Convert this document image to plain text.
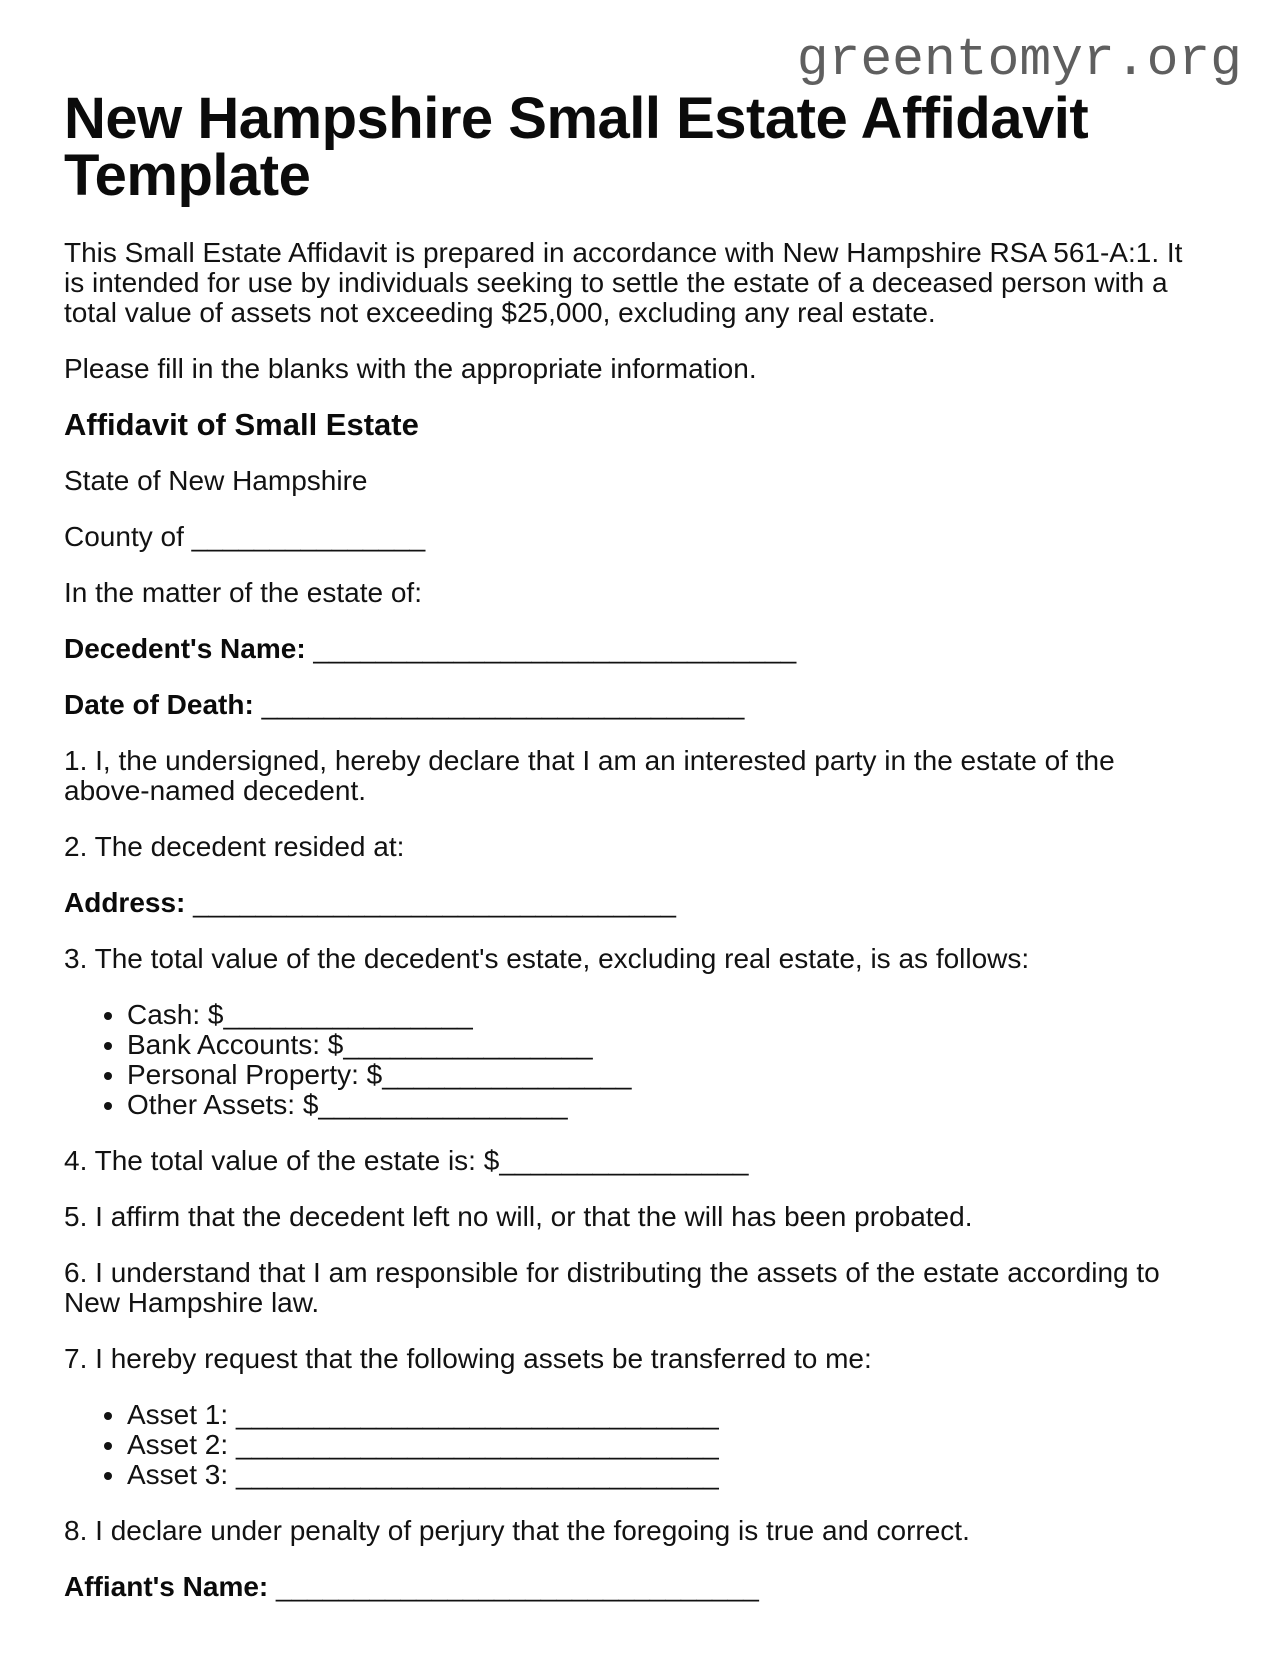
greentomyr.org
New Hampshire Small Estate Affidavit Template

This Small Estate Affidavit is prepared in accordance with New Hampshire RSA 561-A:1. It is intended for use by individuals seeking to settle the estate of a deceased person with a total value of assets not exceeding $25,000, excluding any real estate.

Please fill in the blanks with the appropriate information.

Affidavit of Small Estate

State of New Hampshire

County of _______________

In the matter of the estate of:

Decedent's Name: _______________________________

Date of Death: _______________________________

1. I, the undersigned, hereby declare that I am an interested party in the estate of the above-named decedent.

2. The decedent resided at:

Address: _______________________________

3. The total value of the decedent's estate, excluding real estate, is as follows:

• Cash: $________________
• Bank Accounts: $________________
• Personal Property: $________________
• Other Assets: $________________

4. The total value of the estate is: $________________

5. I affirm that the decedent left no will, or that the will has been probated.

6. I understand that I am responsible for distributing the assets of the estate according to New Hampshire law.

7. I hereby request that the following assets be transferred to me:

• Asset 1: _______________________________
• Asset 2: _______________________________
• Asset 3: _______________________________

8. I declare under penalty of perjury that the foregoing is true and correct.

Affiant's Name: _______________________________
